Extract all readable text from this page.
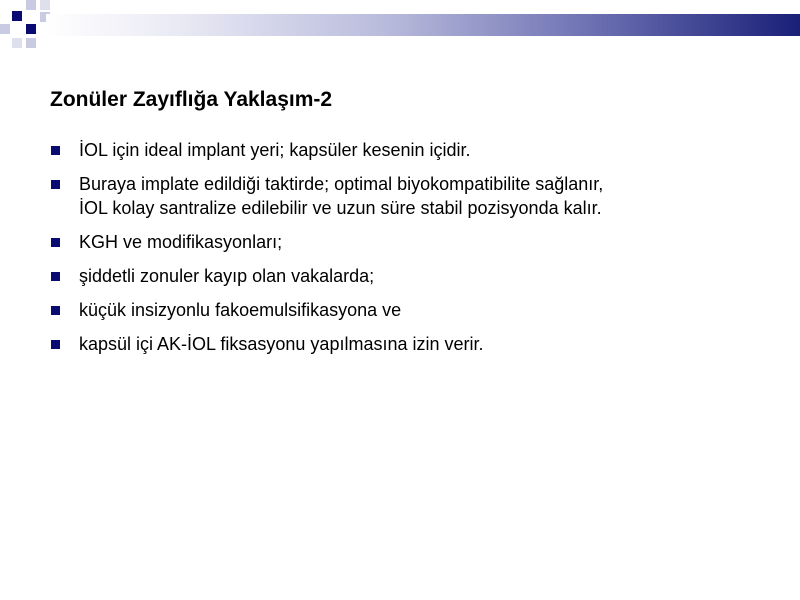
Zonüler Zayıflığa Yaklaşım-2
İOL için ideal implant yeri; kapsüler kesenin içidir.
Buraya implate edildiği taktirde; optimal biyokompatibilite sağlanır,
İOL kolay santralize edilebilir ve uzun süre stabil pozisyonda kalır.
KGH ve modifikasyonları;
şiddetli zonuler kayıp olan vakalarda;
küçük insizyonlu fakoemulsifikasyona ve
kapsül içi AK-İOL fiksasyonu yapılmasına izin verir.
